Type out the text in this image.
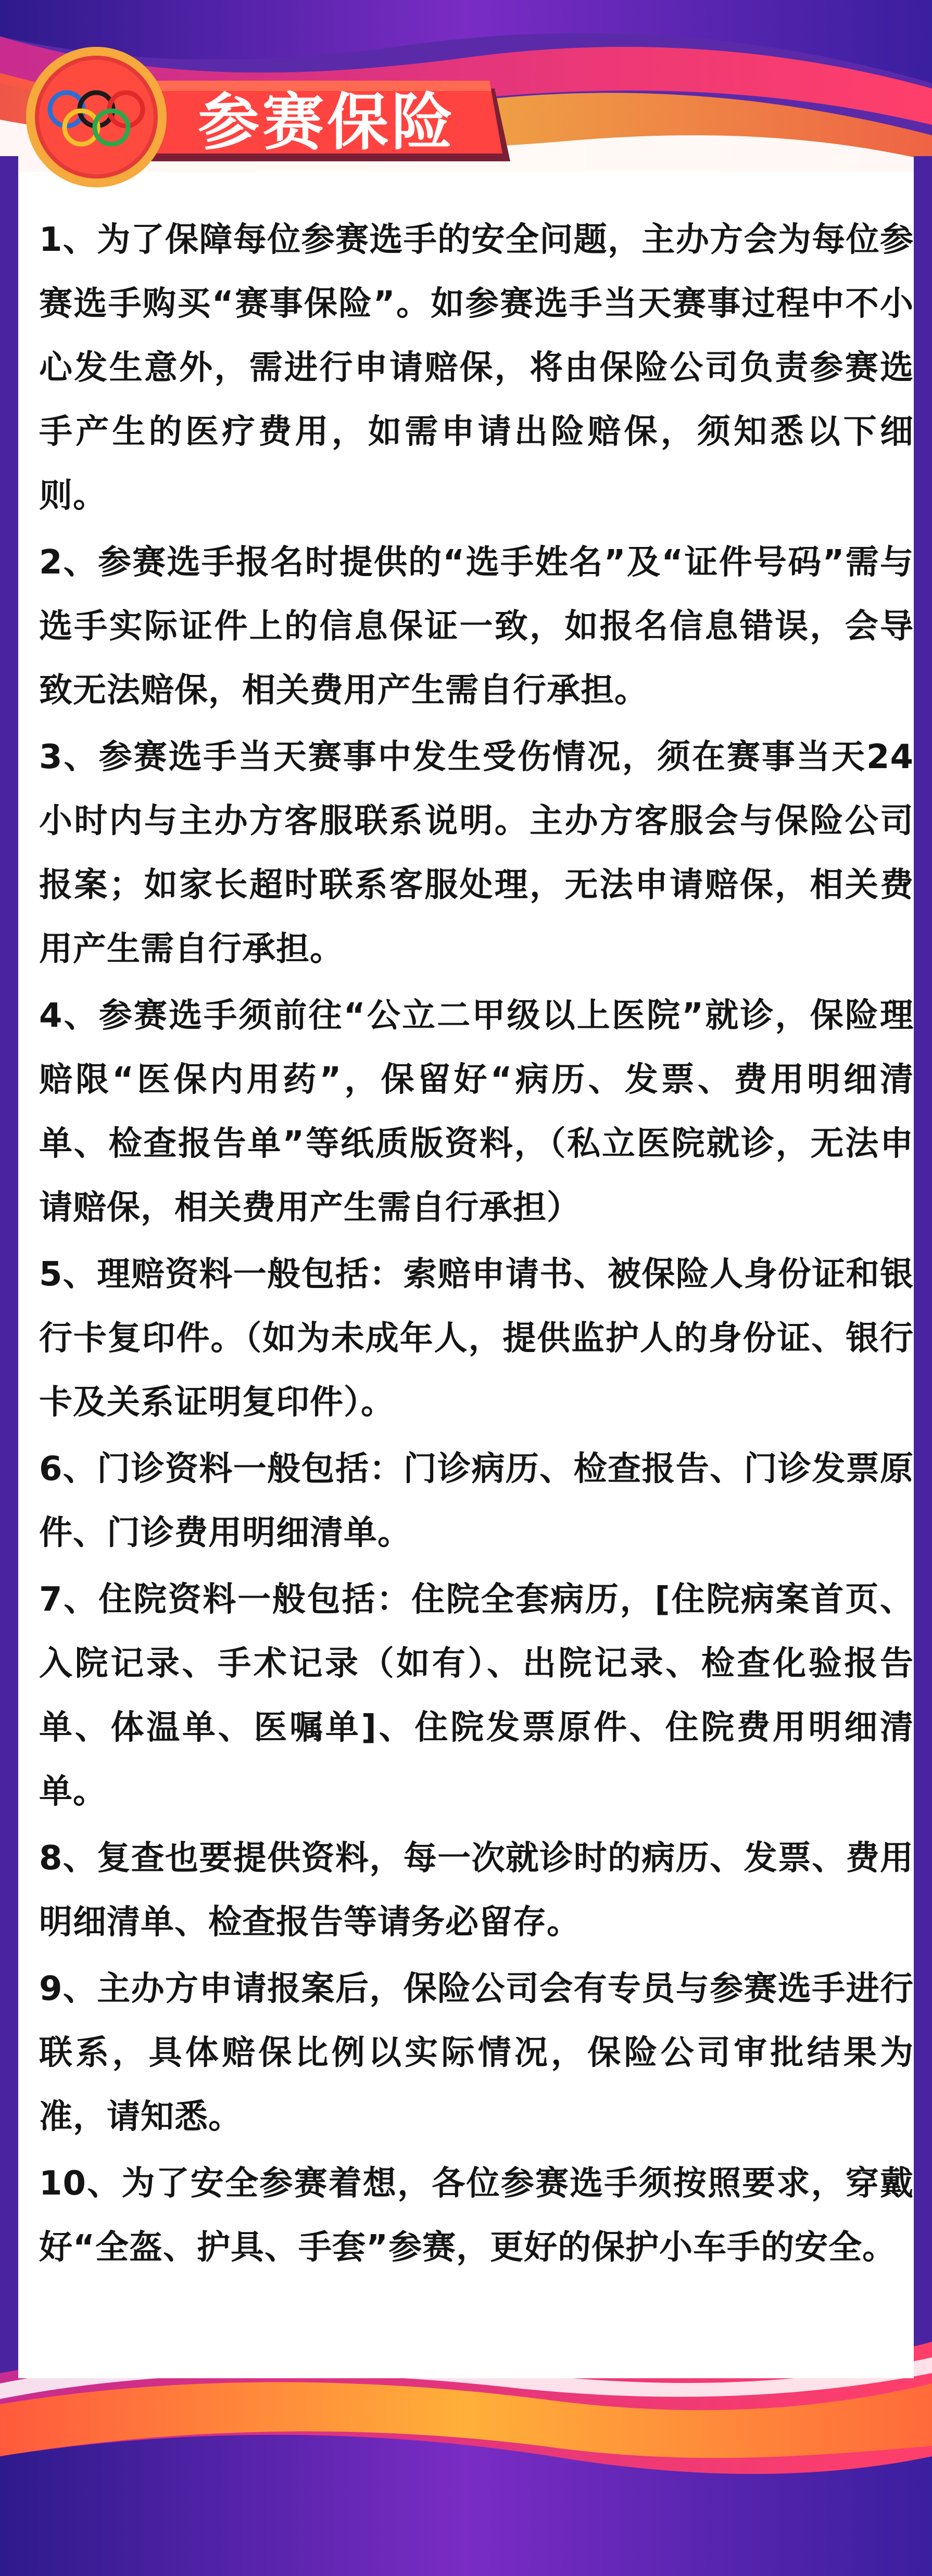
参赛保险

1、为了保障每位参赛选手的安全问题，主办方会为每位参赛选手购买“赛事保险”。如参赛选手当天赛事过程中不小心发生意外，需进行申请赔保，将由保险公司负责参赛选手产生的医疗费用，如需申请出险赔保，须知悉以下细则。

2、参赛选手报名时提供的“选手姓名”及“证件号码”需与选手实际证件上的信息保证一致，如报名信息错误，会导致无法赔保，相关费用产生需自行承担。

3、参赛选手当天赛事中发生受伤情况，须在赛事当天24小时内与主办方客服联系说明。主办方客服会与保险公司报案；如家长超时联系客服处理，无法申请赔保，相关费用产生需自行承担。

4、参赛选手须前往“公立二甲级以上医院”就诊，保险理赔限“医保内用药”，保留好“病历、发票、费用明细清单、检查报告单”等纸质版资料，（私立医院就诊，无法申请赔保，相关费用产生需自行承担）

5、理赔资料一般包括：索赔申请书、被保险人身份证和银行卡复印件。（如为未成年人，提供监护人的身份证、银行卡及关系证明复印件）。

6、门诊资料一般包括：门诊病历、检查报告、门诊发票原件、门诊费用明细清单。

7、住院资料一般包括：住院全套病历，[住院病案首页、入院记录、手术记录（如有）、出院记录、检查化验报告单、体温单、医嘱单]、住院发票原件、住院费用明细清单。

8、复查也要提供资料，每一次就诊时的病历、发票、费用明细清单、检查报告等请务必留存。

9、主办方申请报案后，保险公司会有专员与参赛选手进行联系，具体赔保比例以实际情况，保险公司审批结果为准，请知悉。

10、为了安全参赛着想，各位参赛选手须按照要求，穿戴好“全盔、护具、手套”参赛，更好的保护小车手的安全。
